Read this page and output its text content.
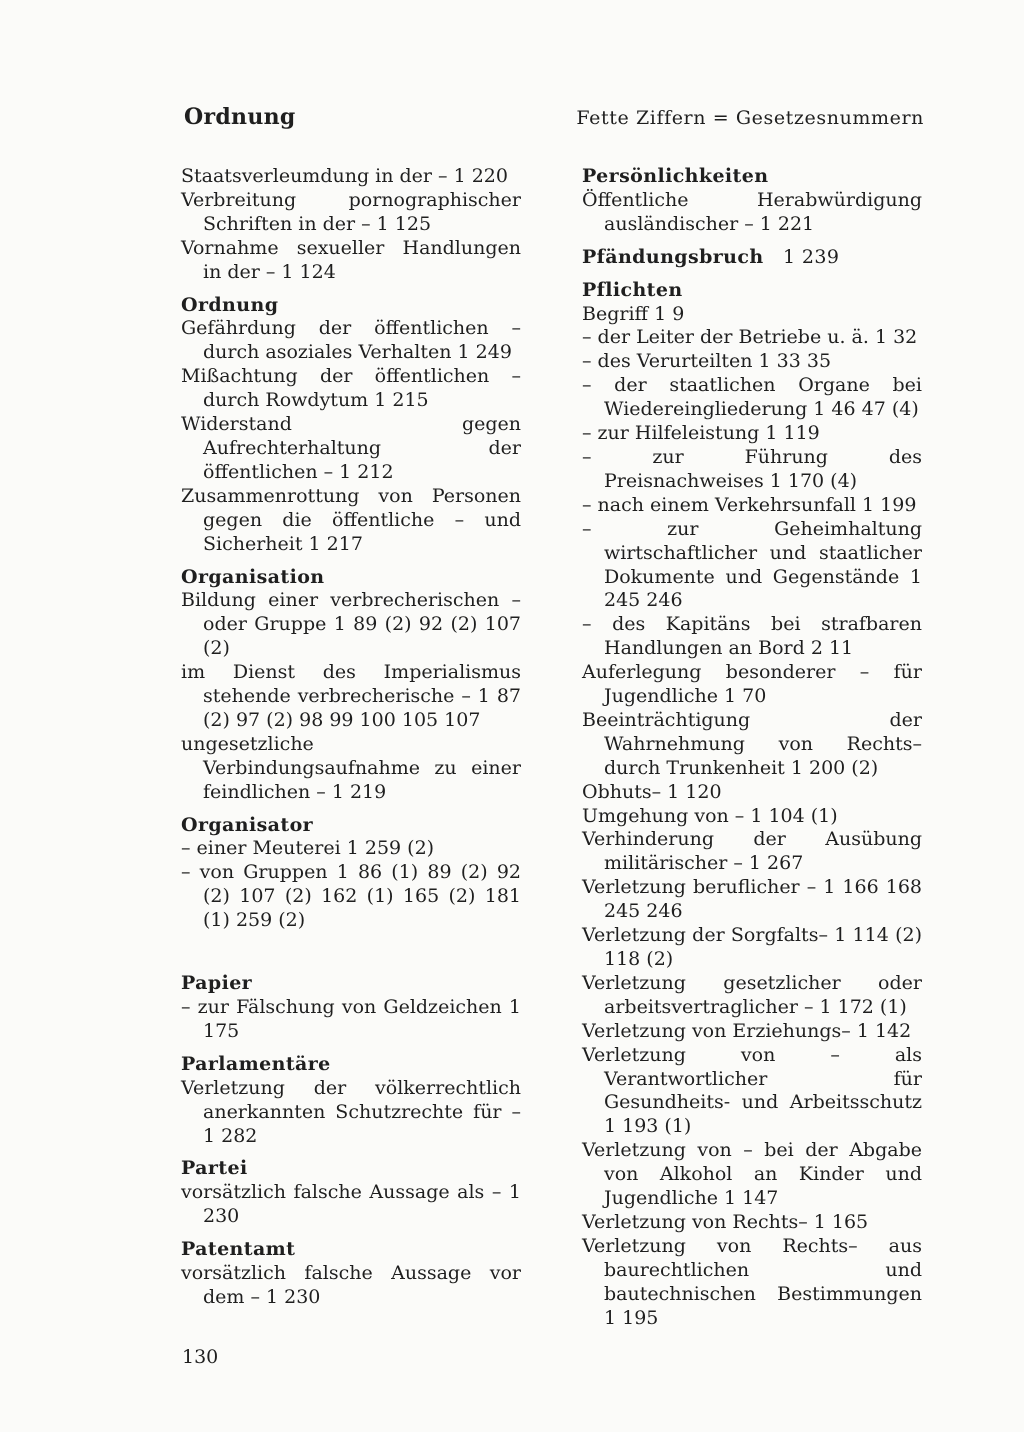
Ordnung	Fette Ziffern = Gesetzesnummern
Staatsverleumdung in der – 1 220
Verbreitung pornographischer Schriften in der – 1 125
Vornahme sexueller Handlungen in der – 1 124
Ordnung
Gefährdung der öffentlichen – durch asoziales Verhalten 1 249
Mißachtung der öffentlichen – durch Rowdytum 1 215
Widerstand gegen Aufrechterhaltung der öffentlichen – 1 212
Zusammenrottung von Personen gegen die öffentliche – und Sicherheit 1 217
Organisation
Bildung einer verbrecherischen – oder Gruppe 1 89 (2) 92 (2) 107 (2)
im Dienst des Imperialismus stehende verbrecherische – 1 87 (2) 97 (2) 98 99 100 105 107
ungesetzliche Verbindungsaufnahme zu einer feindlichen – 1 219
Organisator
– einer Meuterei 1 259 (2)
– von Gruppen 1 86 (1) 89 (2) 92 (2) 107 (2) 162 (1) 165 (2) 181 (1) 259 (2)
Papier
– zur Fälschung von Geldzeichen 1 175
Parlamentäre
Verletzung der völkerrechtlich anerkannten Schutzrechte für – 1 282
Partei
vorsätzlich falsche Aussage als – 1 230
Patentamt
vorsätzlich falsche Aussage vor dem – 1 230
Persönlichkeiten
Öffentliche Herabwürdigung ausländischer – 1 221
Pfändungsbruch  1 239
Pflichten
Begriff 1 9
– der Leiter der Betriebe u. ä. 1 32
– des Verurteilten 1 33 35
– der staatlichen Organe bei Wiedereingliederung 1 46 47 (4)
– zur Hilfeleistung 1 119
– zur Führung des Preisnachweises 1 170 (4)
– nach einem Verkehrsunfall 1 199
– zur Geheimhaltung wirtschaftlicher und staatlicher Dokumente und Gegenstände 1 245 246
– des Kapitäns bei strafbaren Handlungen an Bord 2 11
Auferlegung besonderer – für Jugendliche 1 70
Beeinträchtigung der Wahrnehmung von Rechts– durch Trunkenheit 1 200 (2)
Obhuts– 1 120
Umgehung von – 1 104 (1)
Verhinderung der Ausübung militärischer – 1 267
Verletzung beruflicher – 1 166 168 245 246
Verletzung der Sorgfalts– 1 114 (2) 118 (2)
Verletzung gesetzlicher oder arbeitsvertraglicher – 1 172 (1)
Verletzung von Erziehungs– 1 142
Verletzung von – als Verantwortlicher für Gesundheits- und Arbeitsschutz 1 193 (1)
Verletzung von – bei der Abgabe von Alkohol an Kinder und Jugendliche 1 147
Verletzung von Rechts– 1 165
Verletzung von Rechts– aus baurechtlichen und bautechnischen Bestimmungen 1 195
130
